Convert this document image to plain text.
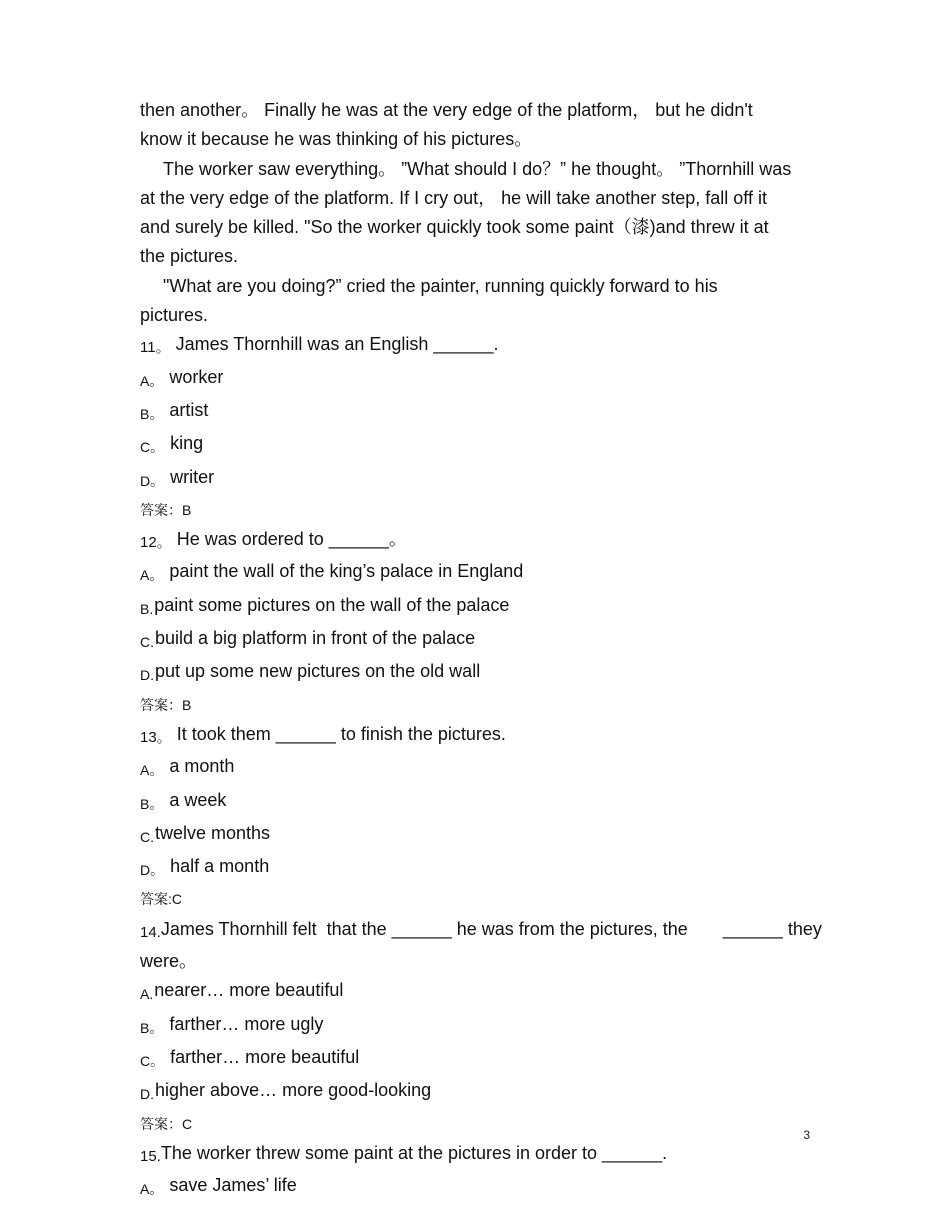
then another。 Finally he was at the very edge of the platform， but he didn't

know it because he was thinking of his pictures。

The worker saw everything。 ”What should I do？” he thought。 ”Thornhill was

at the very edge of the platform. If I cry out， he will take another step, fall off it

and surely be killed. "So the worker quickly took some paint（漆)and threw it at

the pictures.

"What are you doing?” cried the painter, running quickly forward to his

pictures.

11。 James Thornhill was an English ______.

A。 worker

B。 artist

C。 king

D。 writer

答案：B

12。 He was ordered to ______。

A。 paint the wall of the king’s palace in England

B.paint some pictures on the wall of the palace

C.build a big platform in front of the palace

D.put up some new pictures on the old wall

答案：B

13。 It took them ______ to finish the pictures.

A。 a month

B。 a week

C.twelve months

D。 half a month

答案:C

14.James Thornhill felt  that the ______ he was from the pictures, the       ______ they

were。

A.nearer… more beautiful

B。 farther… more ugly

C。 farther… more beautiful

D.higher above… more good-looking

答案：C

15.The worker threw some paint at the pictures in order to ______.

A。 save James’ life

3
